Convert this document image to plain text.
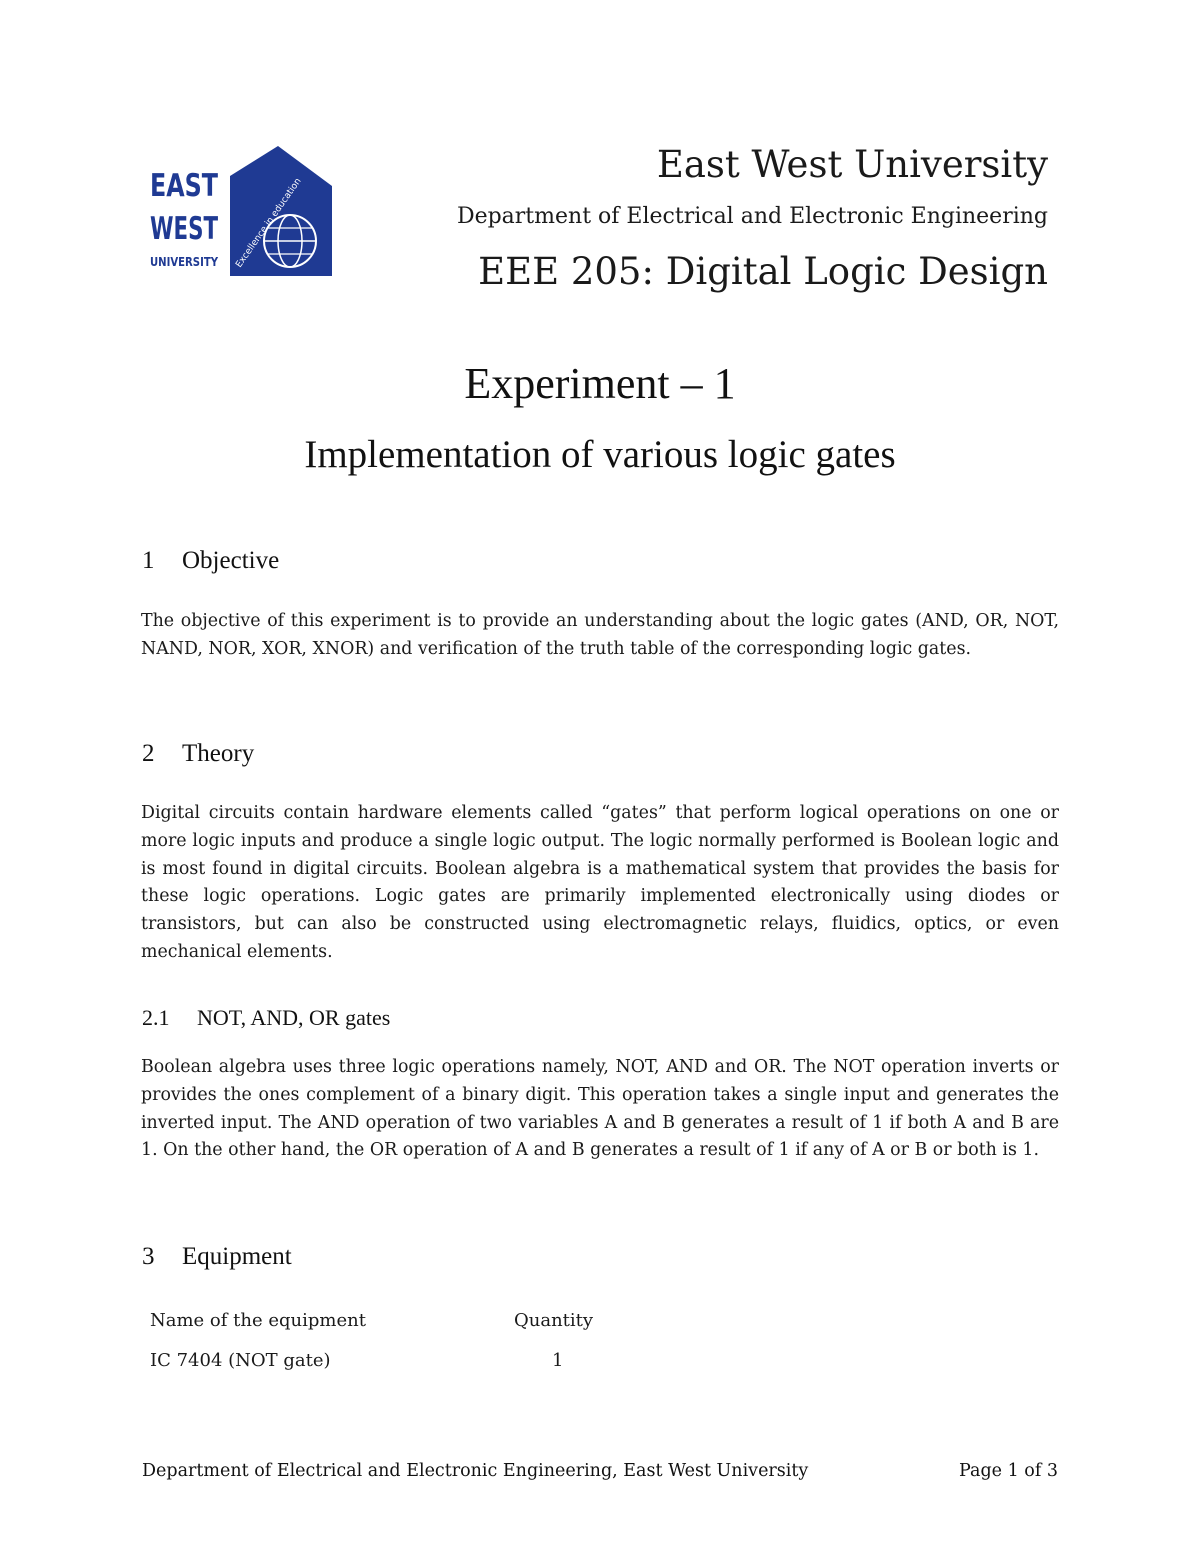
EAST
WEST
UNIVERSITY Excellence in education
East West University
Department of Electrical and Electronic Engineering
EEE 205: Digital Logic Design
Experiment – 1
Implementation of various logic gates
1 Objective
The objective of this experiment is to provide an understanding about the logic gates (AND, OR, NOT, NAND, NOR, XOR, XNOR) and verification of the truth table of the corresponding logic gates.
2 Theory
Digital circuits contain hardware elements called “gates” that perform logical operations on one or more logic inputs and produce a single logic output. The logic normally performed is Boolean logic and is most found in digital circuits. Boolean algebra is a mathematical system that provides the basis for these logic operations. Logic gates are primarily implemented electronically using diodes or transistors, but can also be constructed using electromagnetic relays, fluidics, optics, or even mechanical elements.
2.1 NOT, AND, OR gates
Boolean algebra uses three logic operations namely, NOT, AND and OR. The NOT operation inverts or provides the ones complement of a binary digit. This operation takes a single input and generates the inverted input. The AND operation of two variables A and B generates a result of 1 if both A and B are 1. On the other hand, the OR operation of A and B generates a result of 1 if any of A or B or both is 1.
3 Equipment
Name of the equipment	Quantity
IC 7404 (NOT gate)	1
Department of Electrical and Electronic Engineering, East West University	Page 1 of 3
